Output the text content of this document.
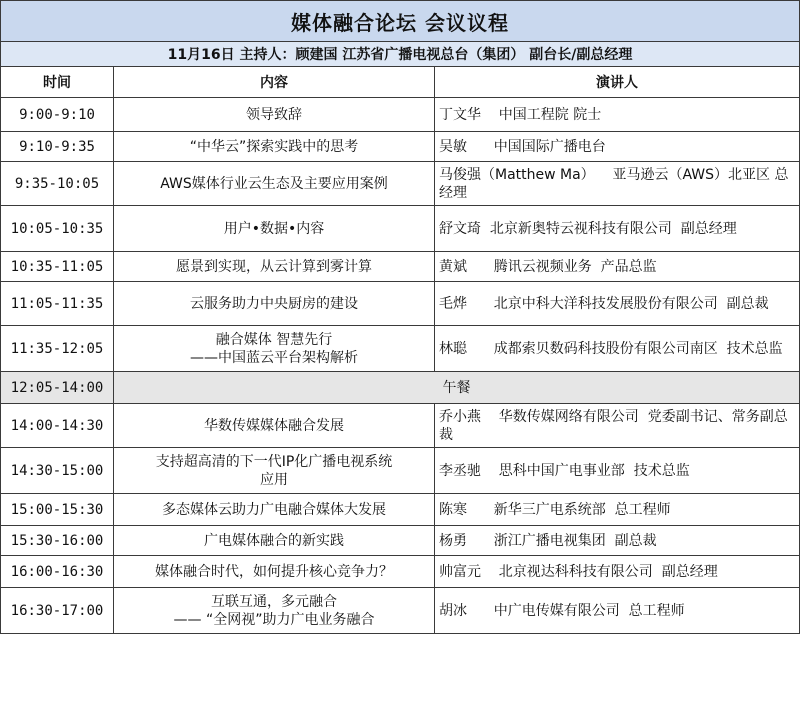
媒体融合论坛 会议议程		
11月16日 主持人：顾建国 江苏省广播电视总台（集团） 副台长/副总经理		
时间	内容	演讲人
9:00-9:10	领导致辞	丁文华    中国工程院 院士
9:10-9:35	“中华云”探索实践中的思考	吴敏      中国国际广播电台
9:35-10:05	AWS媒体行业云生态及主要应用案例	马俊强（Matthew Ma）    亚马逊云（AWS）北亚区 总经理
10:05-10:35	用户•数据•内容	舒文琦  北京新奥特云视科技有限公司  副总经理
10:35-11:05	愿景到实现，从云计算到雾计算	黄斌      腾讯云视频业务  产品总监
11:05-11:35	云服务助力中央厨房的建设	毛烨      北京中科大洋科技发展股份有限公司  副总裁
11:35-12:05	融合媒体 智慧先行
——中国蓝云平台架构解析	林聪      成都索贝数码科技股份有限公司南区  技术总监
12:05-14:00	午餐	

14:00-14:30	华数传媒媒体融合发展	乔小燕    华数传媒网络有限公司  党委副书记、常务副总裁
14:30-15:00	支持超高清的下一代IP化广播电视系统
应用	李丞驰    思科中国广电事业部  技术总监
15:00-15:30	多态媒体云助力广电融合媒体大发展	陈寒      新华三广电系统部  总工程师
15:30-16:00	广电媒体融合的新实践	杨勇      浙江广播电视集团  副总裁
16:00-16:30	媒体融合时代，如何提升核心竞争力？	帅富元    北京视达科科技有限公司  副总经理
16:30-17:00	互联互通，多元融合
—— “全网视”助力广电业务融合	胡冰      中广电传媒有限公司  总工程师
